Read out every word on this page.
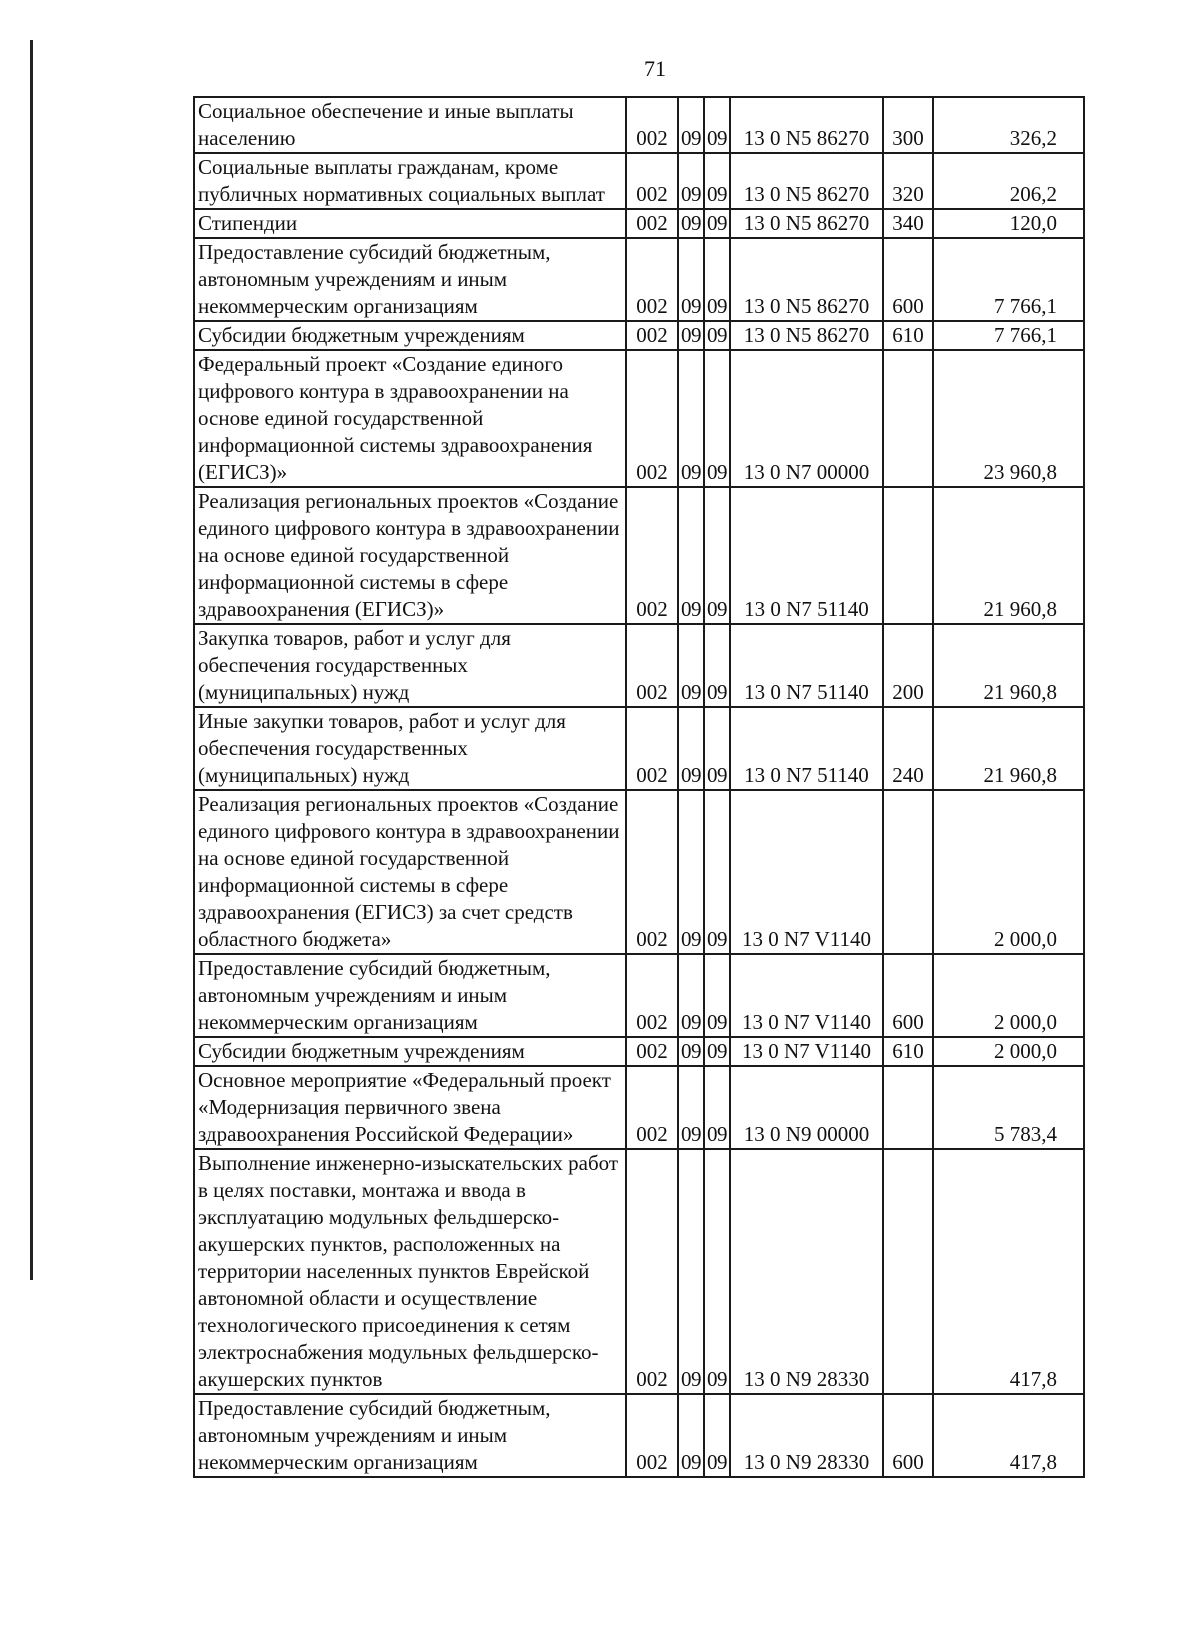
71
Социальное обеспечение и иные выплаты населению	002	09	09	13 0 N5 86270	300	326,2
Социальные выплаты гражданам, кроме публичных нормативных социальных выплат	002	09	09	13 0 N5 86270	320	206,2
Стипендии	002	09	09	13 0 N5 86270	340	120,0
Предоставление субсидий бюджетным, автономным учреждениям и иным некоммерческим организациям	002	09	09	13 0 N5 86270	600	7 766,1
Субсидии бюджетным учреждениям	002	09	09	13 0 N5 86270	610	7 766,1
Федеральный проект «Создание единого цифрового контура в здравоохранении на основе единой государственной информационной системы здравоохранения (ЕГИСЗ)»	002	09	09	13 0 N7 00000		23 960,8
Реализация региональных проектов «Создание единого цифрового контура в здравоохранении на основе единой государственной информационной системы в сфере здравоохранения (ЕГИСЗ)»	002	09	09	13 0 N7 51140		21 960,8
Закупка товаров, работ и услуг для обеспечения государственных (муниципальных) нужд	002	09	09	13 0 N7 51140	200	21 960,8
Иные закупки товаров, работ и услуг для обеспечения государственных (муниципальных) нужд	002	09	09	13 0 N7 51140	240	21 960,8
Реализация региональных проектов «Создание единого цифрового контура в здравоохранении на основе единой государственной информационной системы в сфере здравоохранения (ЕГИСЗ) за счет средств областного бюджета»	002	09	09	13 0 N7 V1140		2 000,0
Предоставление субсидий бюджетным, автономным учреждениям и иным некоммерческим организациям	002	09	09	13 0 N7 V1140	600	2 000,0
Субсидии бюджетным учреждениям	002	09	09	13 0 N7 V1140	610	2 000,0
Основное мероприятие «Федеральный проект «Модернизация первичного звена здравоохранения Российской Федерации»	002	09	09	13 0 N9 00000		5 783,4
Выполнение инженерно-изыскательских работ в целях поставки, монтажа и ввода в эксплуатацию модульных фельдшерско-акушерских пунктов, расположенных на территории населенных пунктов Еврейской автономной области и осуществление технологического присоединения к сетям электроснабжения модульных фельдшерско-акушерских пунктов	002	09	09	13 0 N9 28330		417,8
Предоставление субсидий бюджетным, автономным учреждениям и иным некоммерческим организациям	002	09	09	13 0 N9 28330	600	417,8
